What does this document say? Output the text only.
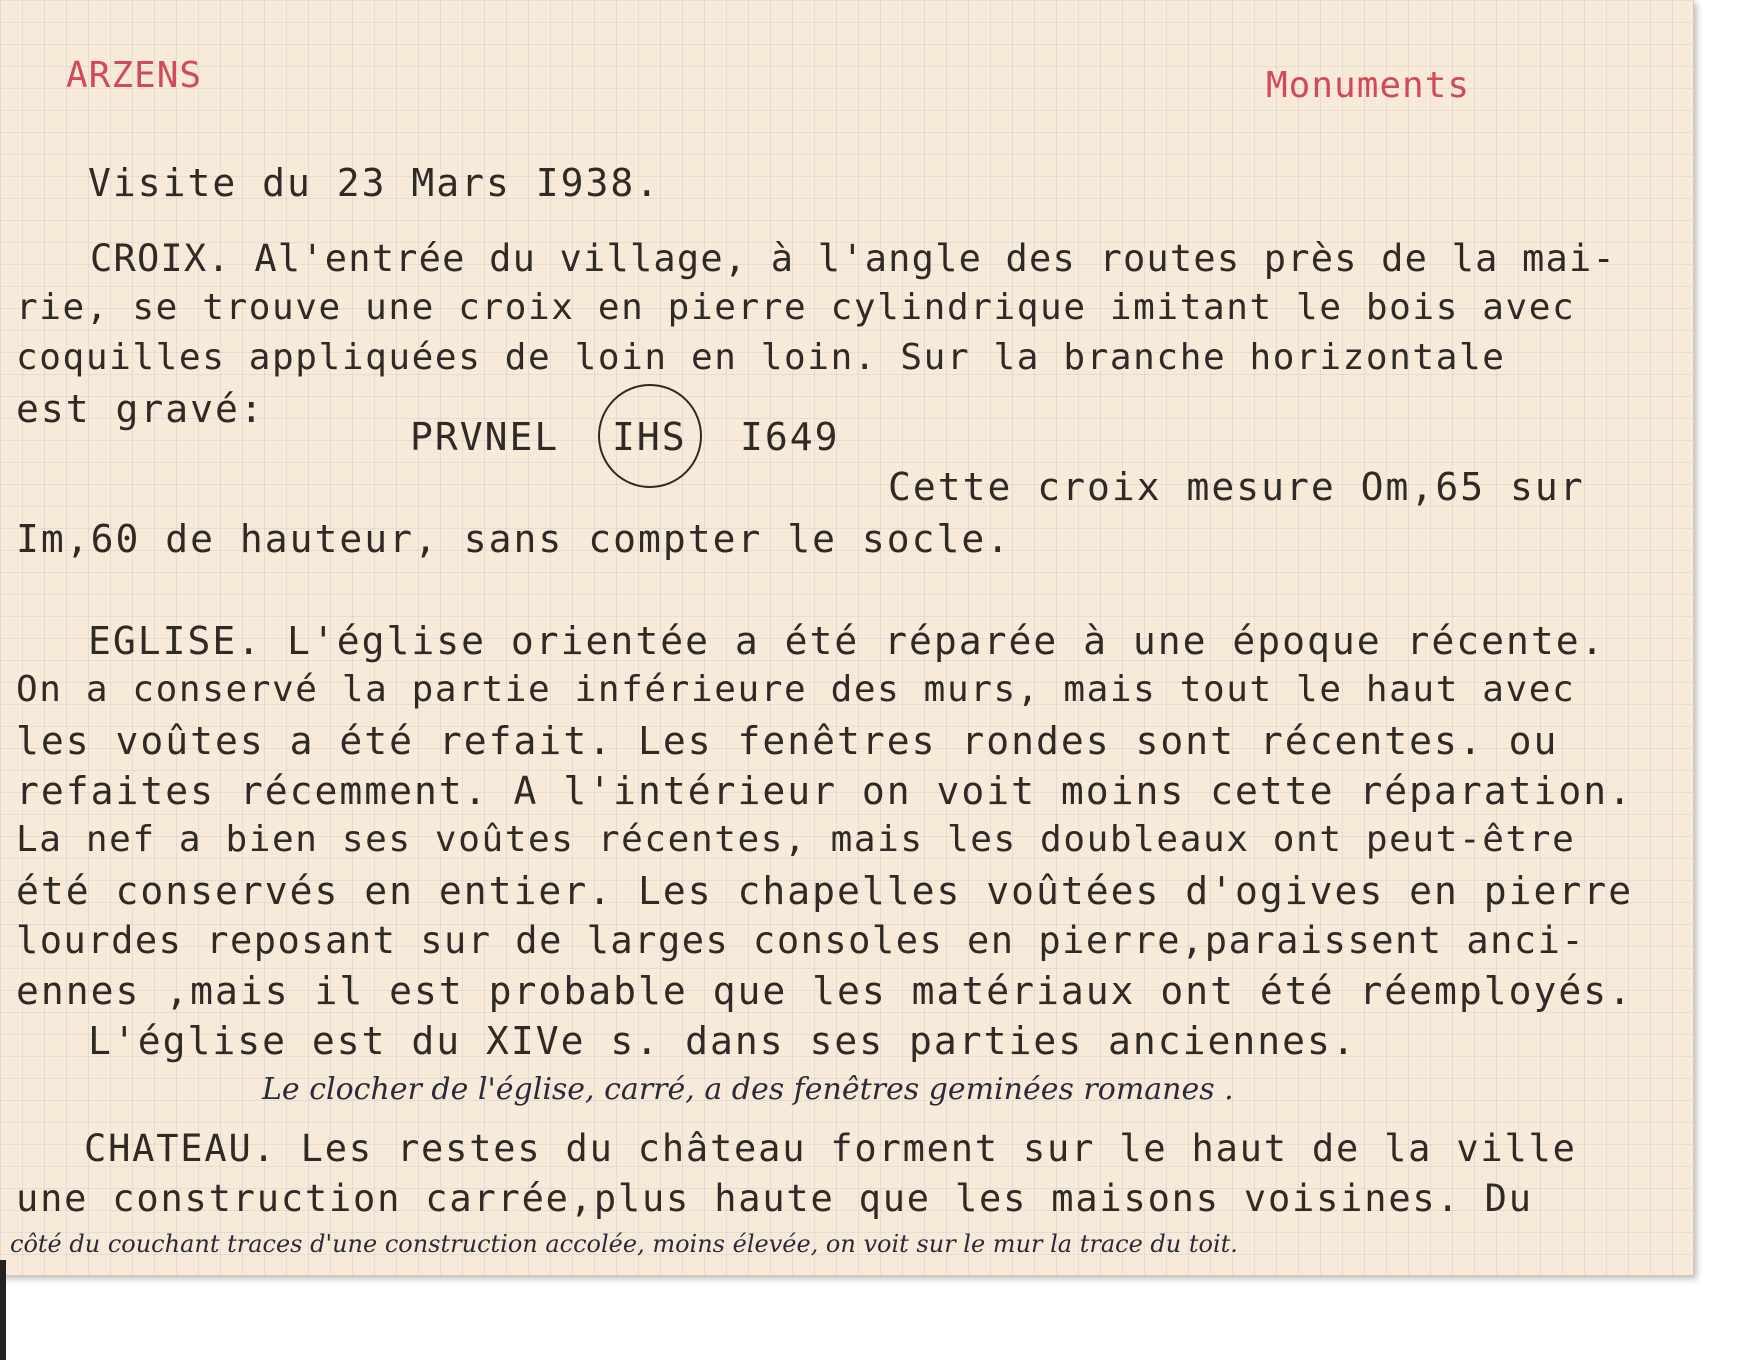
ARZENS	Monuments
Visite du 23 Mars I938.
CROIX. Al'entrée du village, à l'angle des routes près de la mai-
rie, se trouve une croix en pierre cylindrique imitant le bois avec
coquilles appliquées de loin en loin. Sur la branche horizontale
est gravé:
PRVNEL IHS I649
Cette croix mesure Om,65 sur
Im,60 de hauteur, sans compter le socle.
EGLISE. L'église orientée a été réparée à une époque récente.
On a conservé la partie inférieure des murs, mais tout le haut avec
les voûtes a été refait. Les fenêtres rondes sont récentes. ou
refaites récemment. A l'intérieur on voit moins cette réparation.
La nef a bien ses voûtes récentes, mais les doubleaux ont peut-être
été conservés en entier. Les chapelles voûtées d'ogives en pierre
lourdes reposant sur de larges consoles en pierre,paraissent anci-
ennes ,mais il est probable que les matériaux ont été réemployés.
L'église est du XIVe s. dans ses parties anciennes.
Le clocher de l'église, carré, a des fenêtres geminées romanes .
CHATEAU. Les restes du château forment sur le haut de la ville
une construction carrée,plus haute que les maisons voisines. Du
côté du couchant traces d'une construction accolée, moins élevée, on voit sur le mur la trace du toit.
